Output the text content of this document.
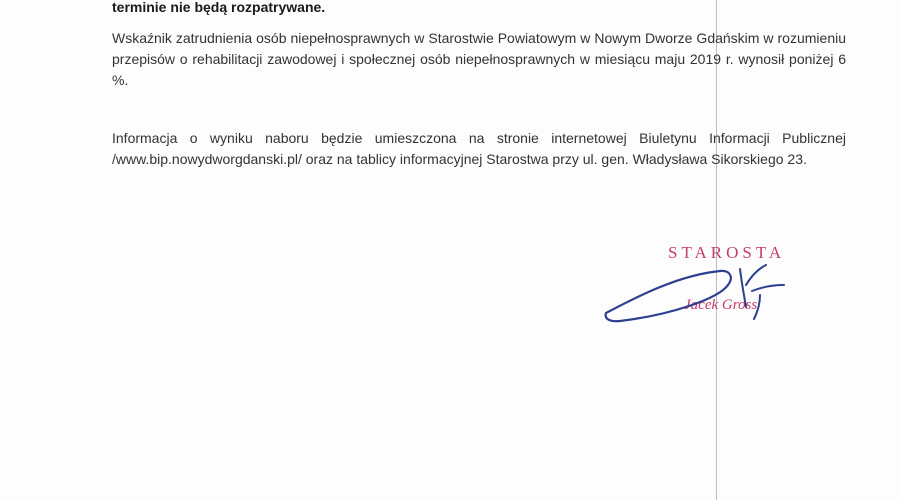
terminie nie będą rozpatrywane.

Wskaźnik zatrudnienia osób niepełnosprawnych w Starostwie Powiatowym w Nowym Dworze Gdańskim w rozumieniu przepisów o rehabilitacji zawodowej i społecznej osób niepełnosprawnych w miesiącu maju 2019 r. wynosił poniżej 6 %.

Informacja o wyniku naboru będzie umieszczona na stronie internetowej Biuletynu Informacji Publicznej /www.bip.nowydworgdanski.pl/ oraz na tablicy informacyjnej Starostwa przy ul. gen. Władysława Sikorskiego 23.

STAROSTA
Jacek Gross
